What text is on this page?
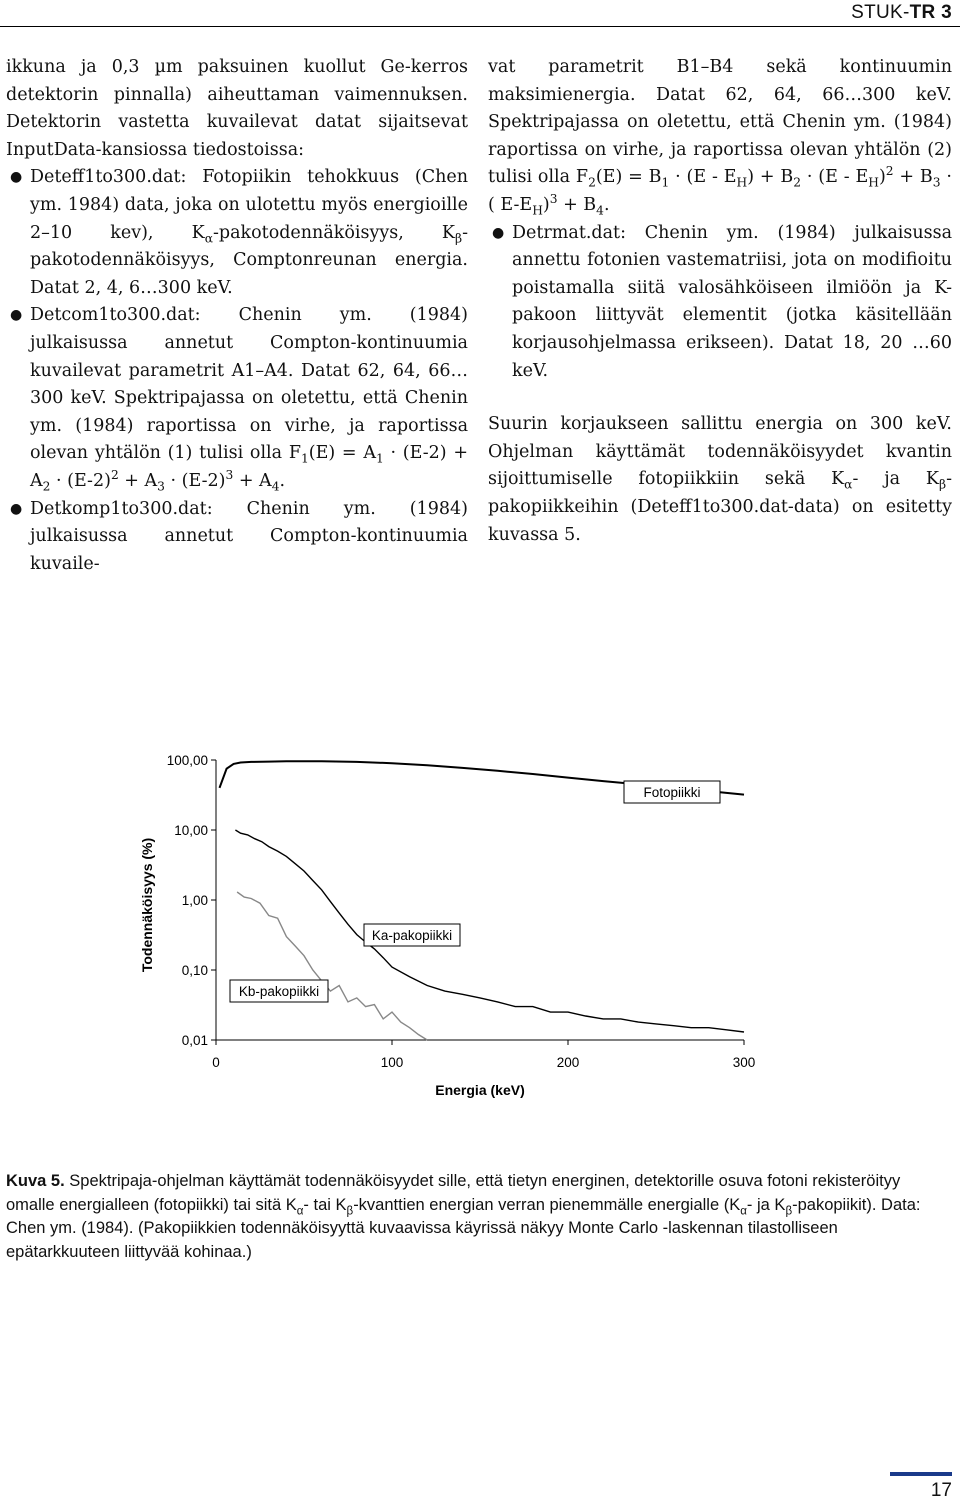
STUK-TR 3

ikkuna ja 0,3 µm paksuinen kuollut Ge-kerros detektorin pinnalla) aiheuttaman vaimennuksen. Detektorin vastetta kuvailevat datat sijaitsevat InputData-kansiossa tiedostoissa:

● Deteff1to300.dat: Fotopiikin tehokkuus (Chen ym. 1984) data, joka on ulotettu myös energioille 2–10 kev), $K_\alpha$-pakotodennäköisyys, $K_\beta$-pakotodennäköisyys, Comptonreunan energia. Datat 2, 4, 6…300 keV.
● Detcom1to300.dat: Chenin ym. (1984) julkaisussa annetut Compton-kontinuumia kuvailevat parametrit A1–A4. Datat 62, 64, 66…300 keV. Spektripajassa on oletettu, että Chenin ym. (1984) raportissa on virhe, ja raportissa olevan yhtälön (1) tulisi olla $F_1(E) = A_1 \cdot (E-2) + A_2 \cdot (E-2)^2 + A_3 \cdot (E-2)^3 + A_4$.
● Detkomp1to300.dat: Chenin ym. (1984) julkaisussa annetut Compton-kontinuumia kuvaile-

vat parametrit B1–B4 sekä kontinuumin maksimienergia. Datat 62, 64, 66…300 keV. Spektripajassa on oletettu, että Chenin ym. (1984) raportissa on virhe, ja raportissa olevan yhtälön (2) tulisi olla $F_2(E) = B_1 \cdot (E - E_H) + B_2 \cdot (E - E_H)^2 + B_3$ · ( $E-E_H)^3 + B_4$.

● Detrmat.dat: Chenin ym. (1984) julkaisussa annettu fotonien vastematriisi, jota on modifioitu poistamalla siitä valosähköiseen ilmiöön ja K-pakoon liittyvät elementit (jotka käsitellään korjausohjelmassa erikseen). Datat 18, 20 …60 keV.

Suurin korjaukseen sallittu energia on 300 keV. Ohjelman käyttämät todennäköisyydet kvantin sijoittumiselle fotopiikkiin sekä $K_\alpha-$ ja $K_\beta$-pakopiikkeihin (Deteff1to300.dat-data) on esitetty kuvassa 5.

100,00
10,00
1,00
0,10
0,01
0	100	200	300
Energia (keV)
Todennäköisyys (%)
Fotopiikki
Ka-pakopiikki
Kb-pakopiikki
Kuva 5. Spektripaja-ohjelman käyttämät todennäköisyydet sille, että tietyn energinen, detektorille osuva fotoni rekisteröityy omalle energialleen (fotopiikki) tai sitä $K_\alpha-$ tai $K_\beta$-kvanttien energian verran pienemmälle energialle ($K_\alpha-$ ja $K_\beta-pakopiikit$). Data: Chen ym. (1984). (Pakopiikkien todennäköisyyttä kuvaavissa käyrissä näkyy Monte Carlo -laskennan tilastolliseen epätarkkuuteen liittyvää kohinaa.)
17
